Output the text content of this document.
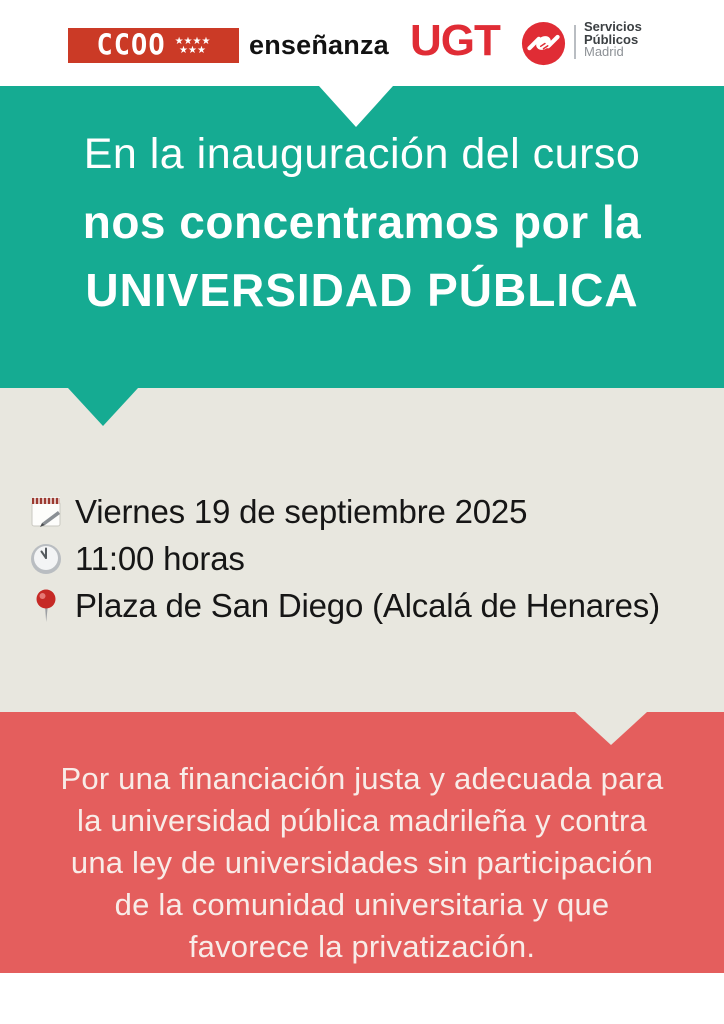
CCOO ★★★★
★★★ enseñanza UGT	Servicios
Públicos
Madrid
En la inauguración del curso
nos concentramos por la
UNIVERSIDAD PÚBLICA
Viernes 19 de septiembre 2025
11:00 horas
Plaza de San Diego (Alcalá de Henares)
Por una financiación justa y adecuada para
la universidad pública madrileña y contra
una ley de universidades sin participación
de la comunidad universitaria y que
favorece la privatización.
